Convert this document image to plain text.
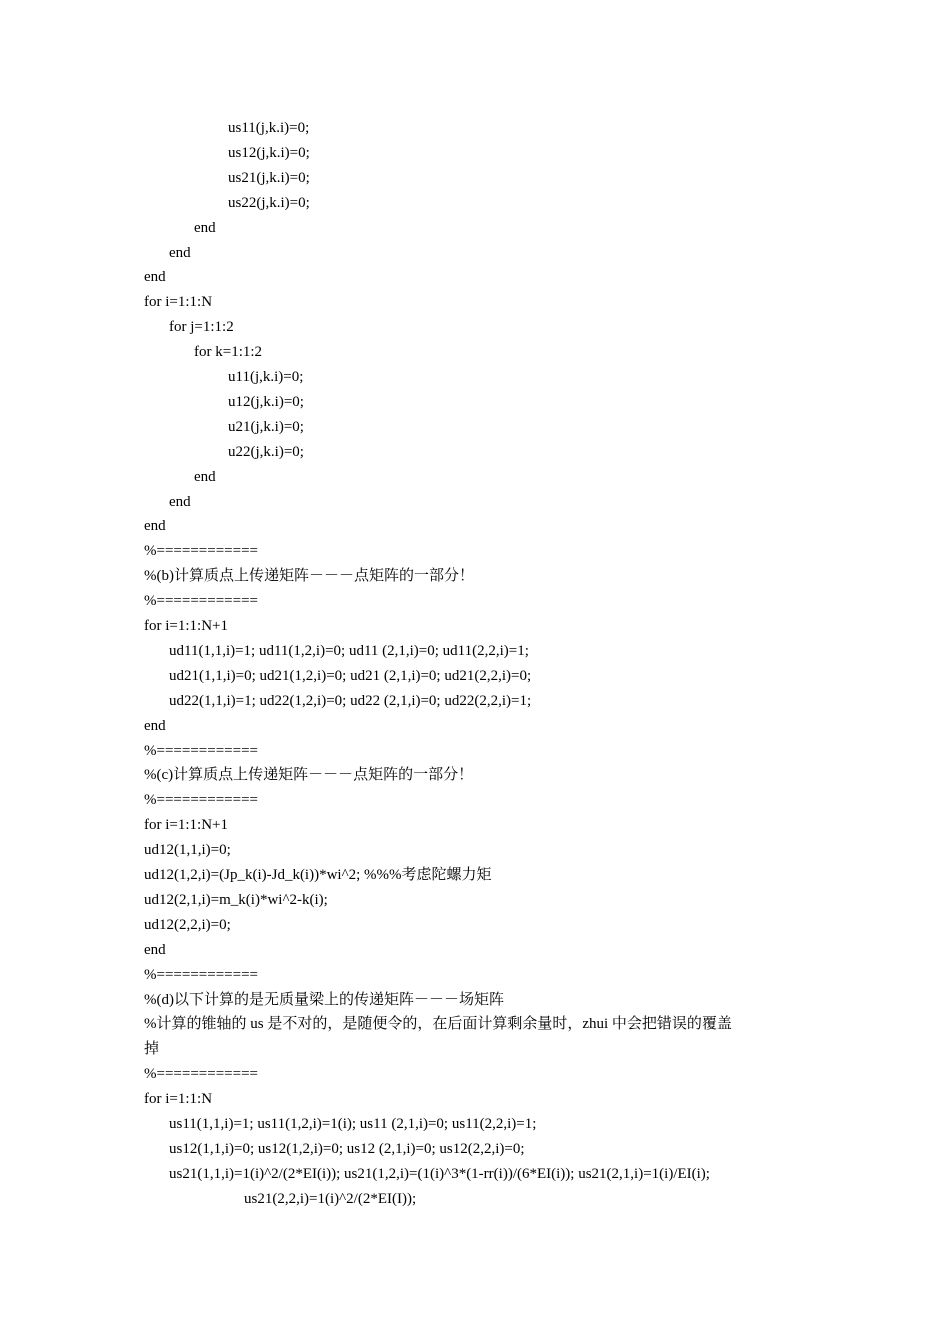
us11(j,k.i)=0;
us12(j,k.i)=0;
us21(j,k.i)=0;
us22(j,k.i)=0;
end
end
end
for i=1:1:N
for j=1:1:2
for k=1:1:2
u11(j,k.i)=0;
u12(j,k.i)=0;
u21(j,k.i)=0;
u22(j,k.i)=0;
end
end
end
%============
%(b)计算质点上传递矩阵－－－点矩阵的一部分！
%============
for i=1:1:N+1
ud11(1,1,i)=1; ud11(1,2,i)=0; ud11 (2,1,i)=0; ud11(2,2,i)=1;
ud21(1,1,i)=0; ud21(1,2,i)=0; ud21 (2,1,i)=0; ud21(2,2,i)=0;
ud22(1,1,i)=1; ud22(1,2,i)=0; ud22 (2,1,i)=0; ud22(2,2,i)=1;
end
%============
%(c)计算质点上传递矩阵－－－点矩阵的一部分！
%============
for i=1:1:N+1
ud12(1,1,i)=0;
ud12(1,2,i)=(Jp_k(i)-Jd_k(i))*wi^2; %%%考虑陀螺力矩
ud12(2,1,i)=m_k(i)*wi^2-k(i);
ud12(2,2,i)=0;
end
%============
%(d)以下计算的是无质量梁上的传递矩阵－－－场矩阵
%计算的锥轴的 us 是不对的，是随便令的，在后面计算剩余量时，zhui 中会把错误的覆盖
掉
%============
for i=1:1:N
us11(1,1,i)=1; us11(1,2,i)=1(i); us11 (2,1,i)=0; us11(2,2,i)=1;
us12(1,1,i)=0; us12(1,2,i)=0; us12 (2,1,i)=0; us12(2,2,i)=0;
us21(1,1,i)=1(i)^2/(2*EI(i)); us21(1,2,i)=(1(i)^3*(1-rr(i))/(6*EI(i)); us21(2,1,i)=1(i)/EI(i);
us21(2,2,i)=1(i)^2/(2*EI(I));
